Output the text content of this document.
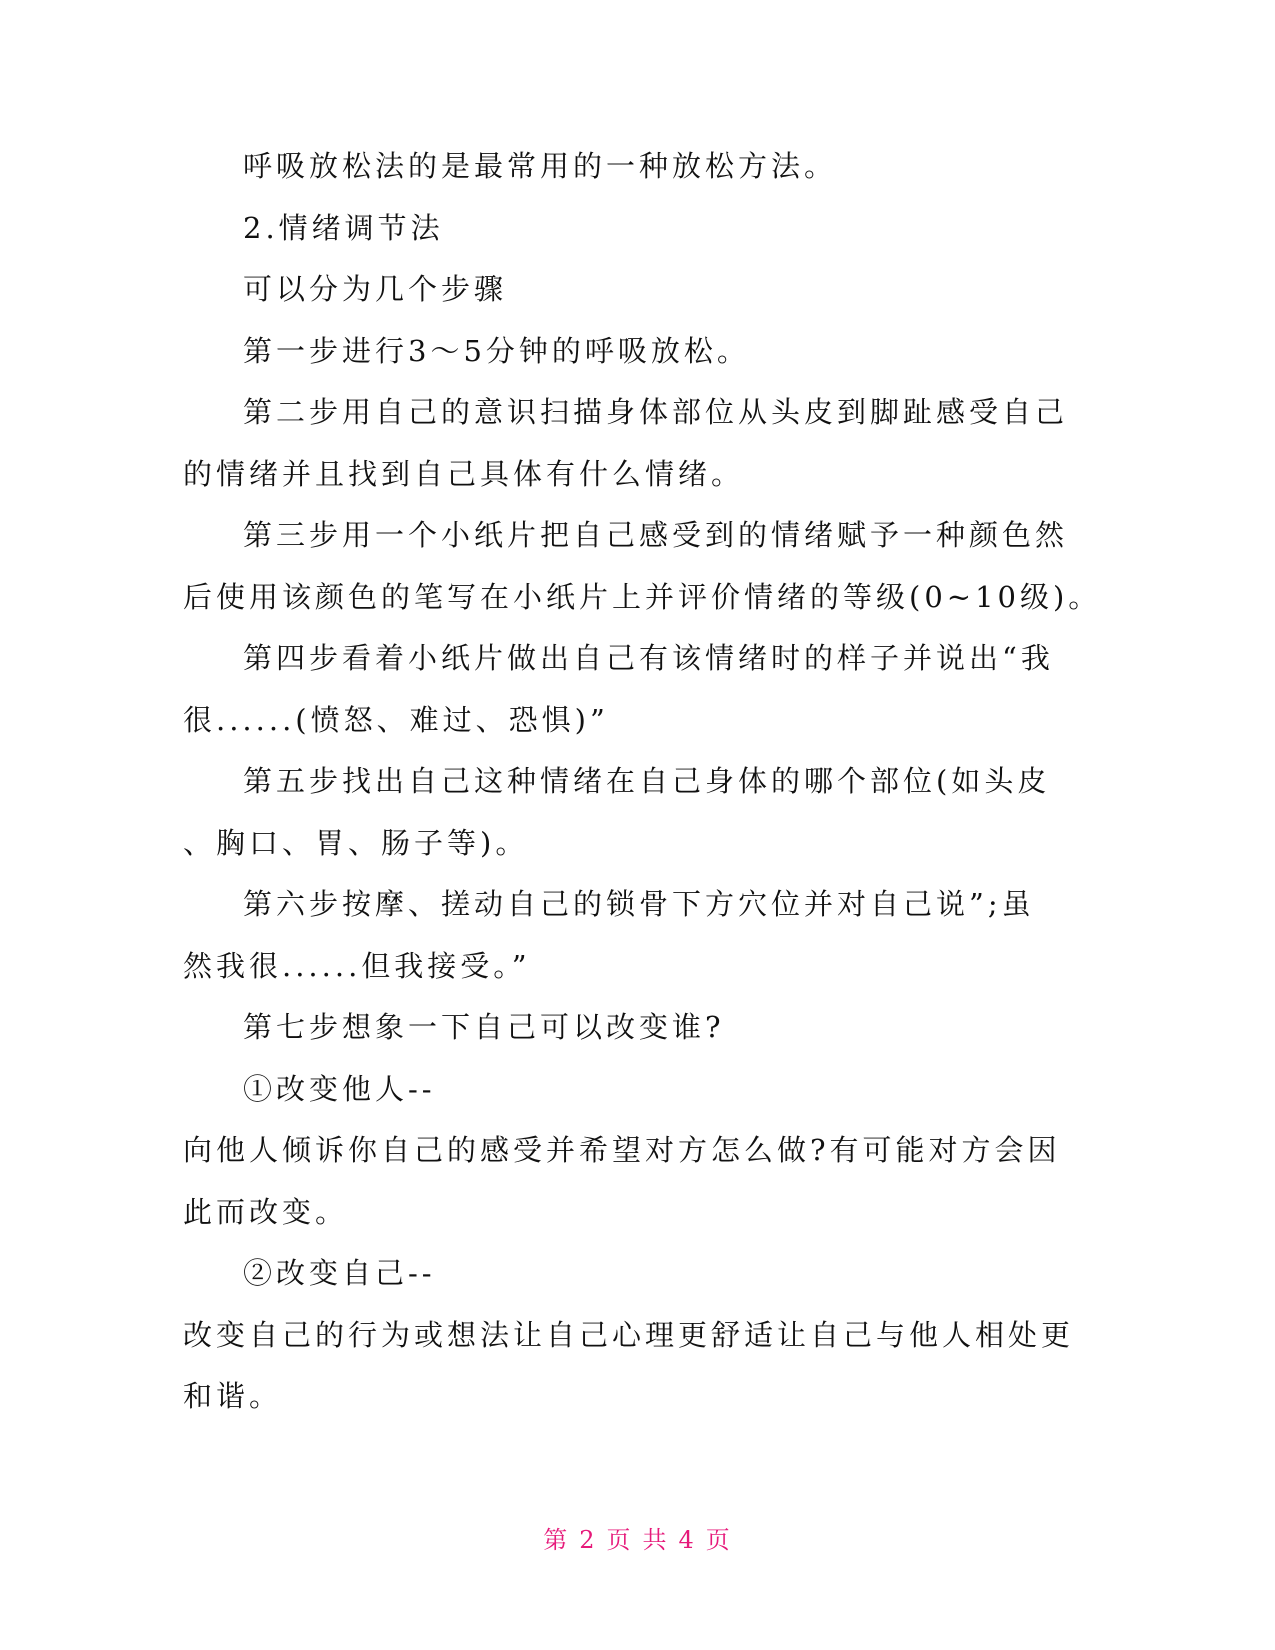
呼吸放松法的是最常用的一种放松方法。
2.情绪调节法
可以分为几个步骤
第一步进行3～5分钟的呼吸放松。
第二步用自己的意识扫描身体部位从头皮到脚趾感受自己
的情绪并且找到自己具体有什么情绪。
第三步用一个小纸片把自己感受到的情绪赋予一种颜色然
后使用该颜色的笔写在小纸片上并评价情绪的等级(0~10级)。
第四步看着小纸片做出自己有该情绪时的样子并说出“我
很......(愤怒、难过、恐惧)”
第五步找出自己这种情绪在自己身体的哪个部位(如头皮
、胸口、胃、肠子等)。
第六步按摩、搓动自己的锁骨下方穴位并对自己说”;虽
然我很......但我接受。”
第七步想象一下自己可以改变谁?
①改变他人--
向他人倾诉你自己的感受并希望对方怎么做?有可能对方会因
此而改变。
②改变自己--
改变自己的行为或想法让自己心理更舒适让自己与他人相处更
和谐。
第 2 页 共 4 页
